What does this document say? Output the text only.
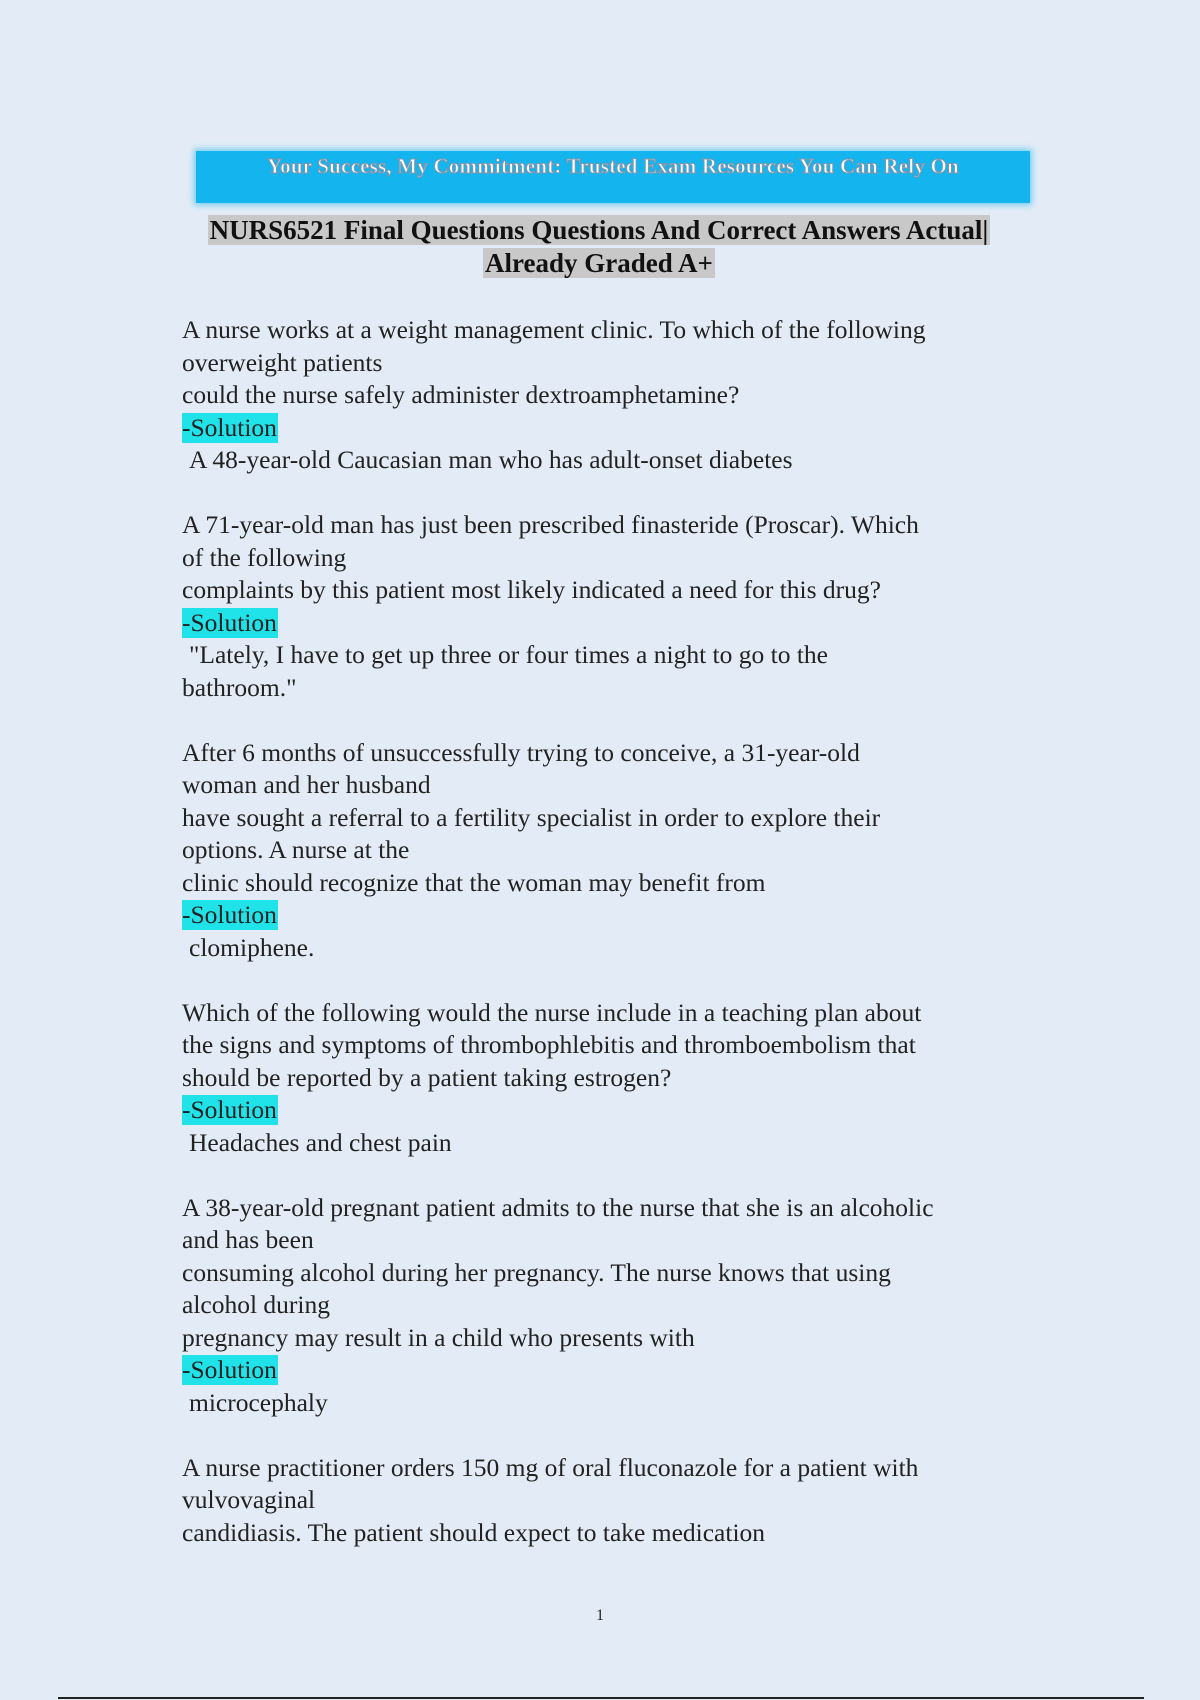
Your Success, My Commitment: Trusted Exam Resources You Can Rely On
NURS6521 Final Questions Questions And Correct Answers Actual|
Already Graded A+
A nurse works at a weight management clinic. To which of the following
overweight patients
could the nurse safely administer dextroamphetamine?
-Solution
A 48-year-old Caucasian man who has adult-onset diabetes
A 71-year-old man has just been prescribed finasteride (Proscar). Which
of the following
complaints by this patient most likely indicated a need for this drug?
-Solution
"Lately, I have to get up three or four times a night to go to the
bathroom."
After 6 months of unsuccessfully trying to conceive, a 31-year-old
woman and her husband
have sought a referral to a fertility specialist in order to explore their
options. A nurse at the
clinic should recognize that the woman may benefit from
-Solution
clomiphene.
Which of the following would the nurse include in a teaching plan about
the signs and symptoms of thrombophlebitis and thromboembolism that
should be reported by a patient taking estrogen?
-Solution
Headaches and chest pain
A 38-year-old pregnant patient admits to the nurse that she is an alcoholic
and has been
consuming alcohol during her pregnancy. The nurse knows that using
alcohol during
pregnancy may result in a child who presents with
-Solution
microcephaly
A nurse practitioner orders 150 mg of oral fluconazole for a patient with
vulvovaginal
candidiasis. The patient should expect to take medication
1
